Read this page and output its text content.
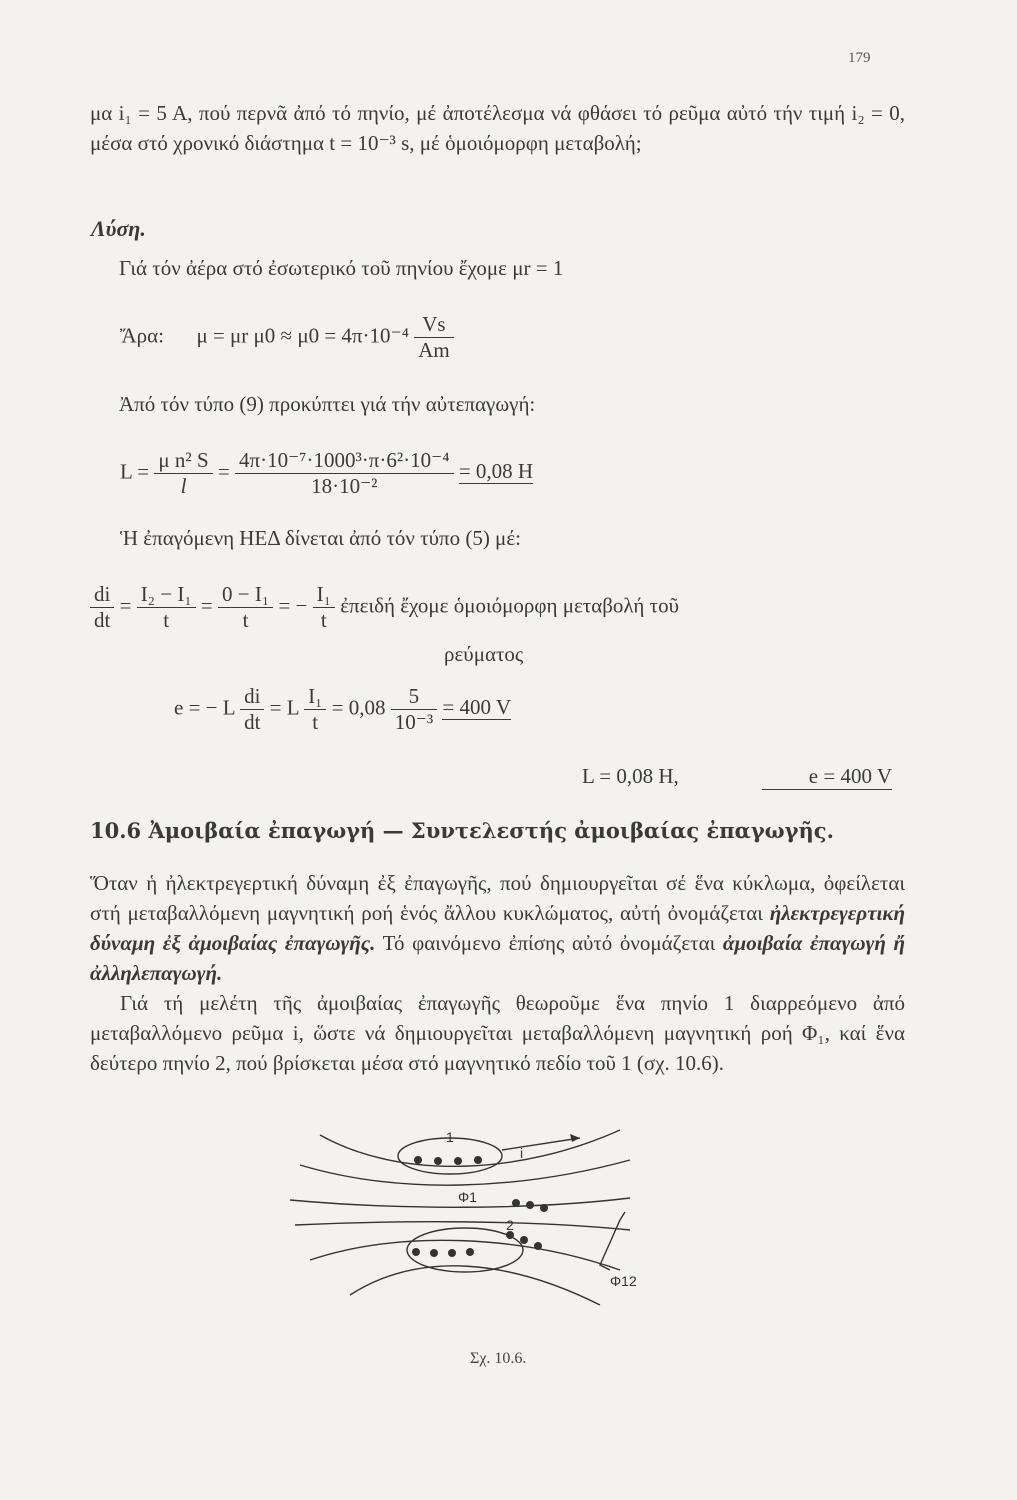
179
μα i₁ = 5 A, πού περνᾶ ἀπό τό πηνίο, μέ ἀποτέλεσμα νά φθάσει τό ρεῦμα αὐτό τήν τιμή i₂ = 0, μέσα στό χρονικό διάστημα t = 10⁻³ s, μέ ὁμοιόμορφη μεταβολή;
Λύση.
Γιά τόν ἀέρα στό ἐσωτερικό τοῦ πηνίου ἔχομε μr = 1
Ἄρα: μ = μr $\mu 0 \approx \mu 0 = 4\pi\cdot 10^{-4} \frac{Vs}{Am}$
Ἀπό τόν τύπο (9) προκύπτει γιά τήν αὐτεπαγωγή:
$L = \frac{\text{μ n² S}}{l} = \frac{\text{4π·10⁻⁷·1000³·π·6²·10⁻⁴}}{\text{18·10⁻²}} = 0,08$ H
Ἡ ἐπαγόμενη ΗΕΔ δίνεται ἀπό τόν τύπο (5) μέ:
$\frac{di}{dt} = \frac{\text{I₂ − I₁}}{t} = \frac{\text{0 − I₁}}{t}$ = − $\frac{\text{I₁}}{t}$ ἐπειδή ἔχομε ὁμοιόμορφη μεταβολή τοῦ
ρεύματος
e = − L $\frac{di}{dt} = L \frac{\text{I₁}}{t} = 0,08 \frac{5}{\text{10⁻³}} = 400$ V
L = 0,08 H,	e = 400 V
10.6 Ἀμοιβαία ἐπαγωγή — Συντελεστής ἀμοιβαίας ἐπαγωγῆς.
Ὅταν ἡ ἠλεκτρεγερτική δύναμη ἐξ ἐπαγωγῆς, πού δημιουργεῖται σέ ἕνα κύκλωμα, ὀφείλεται στή μεταβαλλόμενη μαγνητική ροή ἑνός ἄλλου κυκλώματος, αὐτή ὀνομάζεται ἠλεκτρεγερτική δύναμη ἐξ ἀμοιβαίας ἐπαγωγῆς. Τό φαινόμενο ἐπίσης αὐτό ὀνομάζεται ἀμοιβαία ἐπαγωγή ἤ ἀλληλεπαγωγή.
Γιά τή μελέτη τῆς ἀμοιβαίας ἐπαγωγῆς θεωροῦμε ἕνα πηνίο 1 διαρρεόμενο ἀπό μεταβαλλόμενο ρεῦμα i, ὥστε νά δημιουργεῖται μεταβαλλόμενη μαγνητική ροή Φ₁, καί ἕνα δεύτερο πηνίο 2, πού βρίσκεται μέσα στό μαγνητικό πεδίο τοῦ 1 (σχ. 10.6).
1
i
Φ1
2
Φ12
Σχ. 10.6.
